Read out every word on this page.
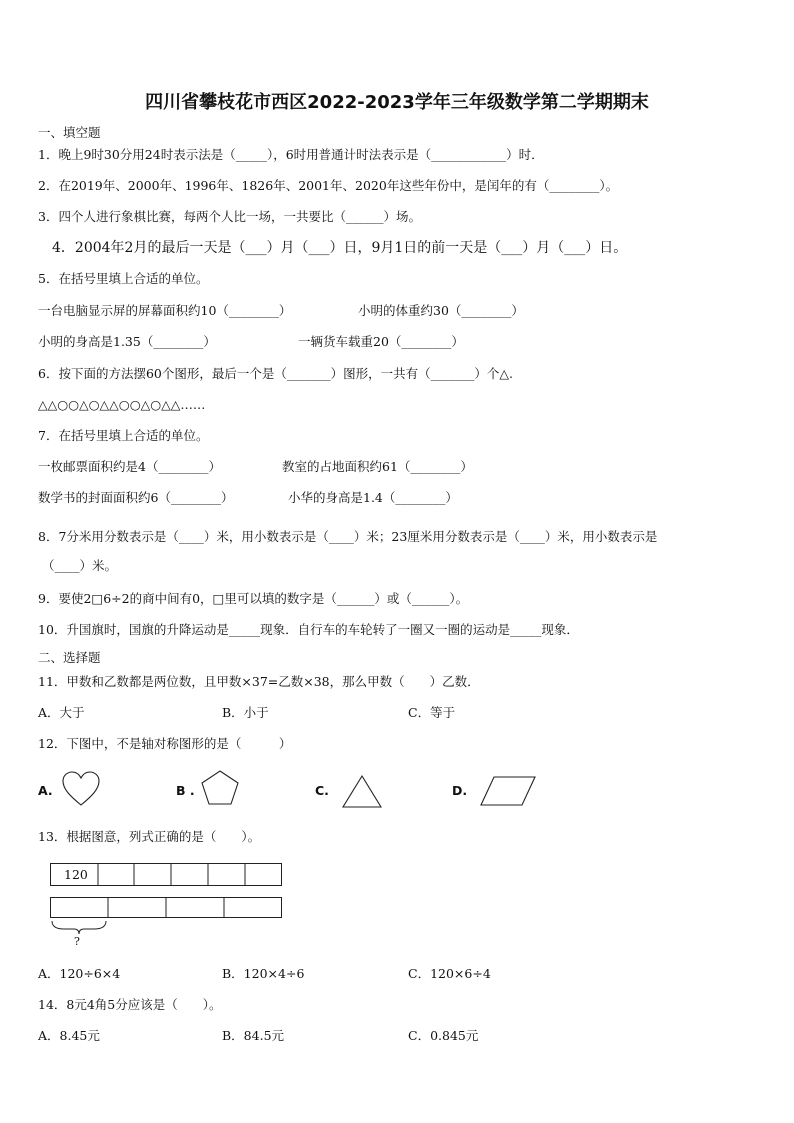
四川省攀枝花市西区2022-2023学年三年级数学第二学期期末
一、填空题
1．晚上9时30分用24时表示法是（_____），6时用普通计时法表示是（____________）时．
2．在2019年、2000年、1996年、1826年、2001年、2020年这些年份中，是闰年的有（________）。
3．四个人进行象棋比赛，每两个人比一场，一共要比（______）场。
4．2004年2月的最后一天是（___）月（___）日，9月1日的前一天是（___）月（___）日。
5．在括号里填上合适的单位。
一台电脑显示屏的屏幕面积约10（________）	小明的体重约30（________）
小明的身高是1.35（________）	一辆货车载重20（________）
6．按下面的方法摆60个图形，最后一个是（_______）图形，一共有（_______）个△.
△△○○△○△△○○△○△△……
7．在括号里填上合适的单位。
一枚邮票面积约是4（________）	教室的占地面积约61（________）
数学书的封面面积约6（________）	小华的身高是1.4（________）
8．7分米用分数表示是（____）米，用小数表示是（____）米；23厘米用分数表示是（____）米，用小数表示是
（____）米。
9．要使2□6÷2的商中间有0，□里可以填的数字是（______）或（______）。
10．升国旗时，国旗的升降运动是_____现象．自行车的车轮转了一圈又一圈的运动是_____现象．
二、选择题
11．甲数和乙数都是两位数，且甲数×37=乙数×38，那么甲数（　　）乙数．
A．大于	B．小于	C．等于
12．下图中，不是轴对称图形的是（　　　）
A.	B .	C.	D.
13．根据图意，列式正确的是（　　）。
120
?
A．120÷6×4	B．120×4÷6	C．120×6÷4
14．8元4角5分应该是（　　）。
A．8.45元	B．84.5元	C．0.845元
